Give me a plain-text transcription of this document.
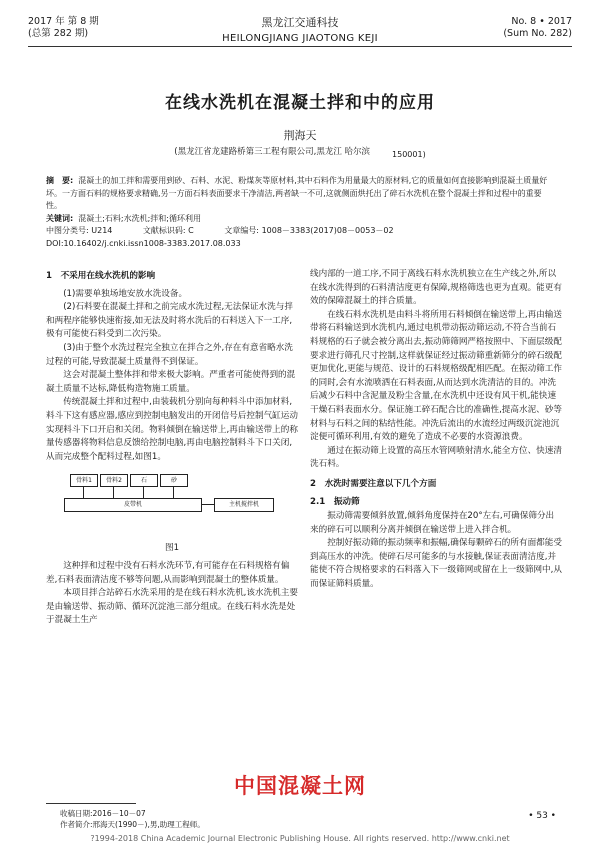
2017 年 第 8 期
(总第 282 期)
黑龙江交通科技
HEILONGJIANG JIAOTONG KEJI
No. 8 • 2017
(Sum No. 282)
在线水洗机在混凝土拌和中的应用
荆海天
(黑龙江省龙建路桥第三工程有限公司,黑龙江 哈尔滨	150001)
摘　要: 混凝土的加工拌和需要用到砂、石料、水泥、粉煤灰等原材料,其中石料作为用量最大的原材料,它的质量如何直接影响到混凝土质量好坏。一方面石料的规格要求精确,另一方面石料表面要求干净清洁,两者缺一不可,这就侧面烘托出了碎石水洗机在整个混凝土拌和过程中的重要性。
关键词: 混凝土;石料;水洗机;拌和;循环利用
中图分类号: U214	文献标识码: C	文章编号: 1008－3383(2017)08－0053－02
DOI:10.16402/j.cnki.issn1008-3383.2017.08.033

1　不采用在线水洗机的影响

(1)需要单独场地安放水洗设备。

(2)石料要在混凝土拌和之前完成水洗过程,无法保证水洗与拌和两程序能够快速衔接,如无法及时将水洗后的石料送入下一工序,极有可能使石料受到二次污染。

(3)由于整个水洗过程完全独立在拌合之外,存在有意省略水洗过程的可能,导致混凝土质量得不到保证。

这会对混凝土整体拌和带来极大影响。严重者可能使得到的混凝土质量不达标,降低构造物施工质量。

传统混凝土拌和过程中,由装载机分别向每种料斗中添加材料,料斗下这有感应器,感应到控制电脑发出的开闭信号后控制气缸运动实现料斗下口开启和关闭。物料倾倒在输送带上,再由输送带上的称量传感器将物料信息反馈给控制电脑,再由电脑控制料斗下口关闭,从而完成整个配料过程,如图1。

骨料1	骨料2	石	砂
皮带机	主机搅拌机

图1

这种拌和过程中没有石料水洗环节,有可能存在石料规格有偏差,石料表面清洁度不够等问题,从而影响到混凝土的整体质量。

本项目拌合站碎石水洗采用的是在线石料水洗机,该水洗机主要是由输送带、振动筛、循环沉淀池三部分组成。在线石料水洗是处于混凝土生产

线内部的一道工序,不同于离线石料水洗机独立在生产线之外,所以在线水洗得到的石料清洁度更有保障,规格筛选也更为直观。能更有效的保障混凝土的拌合质量。

在线石料水洗机是由料斗将所用石料倾倒在输送带上,再由输送带将石料输送到水洗机内,通过电机带动振动筛运动,不符合当前石料规格的石子就会被分离出去,振动筛筛网严格按照中、下面层级配要求进行筛孔尺寸控制,这样就保证经过振动筛重新筛分的碎石级配更加优化,更能与规范、设计的石料规格级配相匹配。在振动筛工作的同时,会有水流喷洒在石料表面,从而达到水洗清洁的目的。冲洗后减少石料中含泥量及粉尘含量,在水洗机中还设有风干机,能快速干燥石料表面水分。保证施工碎石配合比的准确性,提高水泥、砂等材料与石料之间的粘结性能。冲洗后流出的水流经过两级沉淀池沉淀便可循环利用,有效的避免了造成不必要的水资源浪费。

通过在振动筛上设置的高压水管网喷射清水,能全方位、快速清洗石料。

2　水洗时需要注意以下几个方面

2.1　振动筛

振动筛需要倾斜放置,倾斜角度保持在20°左右,可确保筛分出来的碎石可以顺利分离并倾倒在输送带上进入拌合机。

控制好振动筛的振动频率和振幅,确保每颗碎石的所有面都能受到高压水的冲洗。使碎石尽可能多的与水接触,保证表面清洁度,并能使不符合规格要求的石料落入下一级筛网或留在上一级筛网中,从而保证筛料质量。

收稿日期:2016－10－07
作者简介:邢海天(1990－),男,助理工程师。
中国混凝土网
• 53 •
?1994-2018 China Academic Journal Electronic Publishing House. All rights reserved. http://www.cnki.net
